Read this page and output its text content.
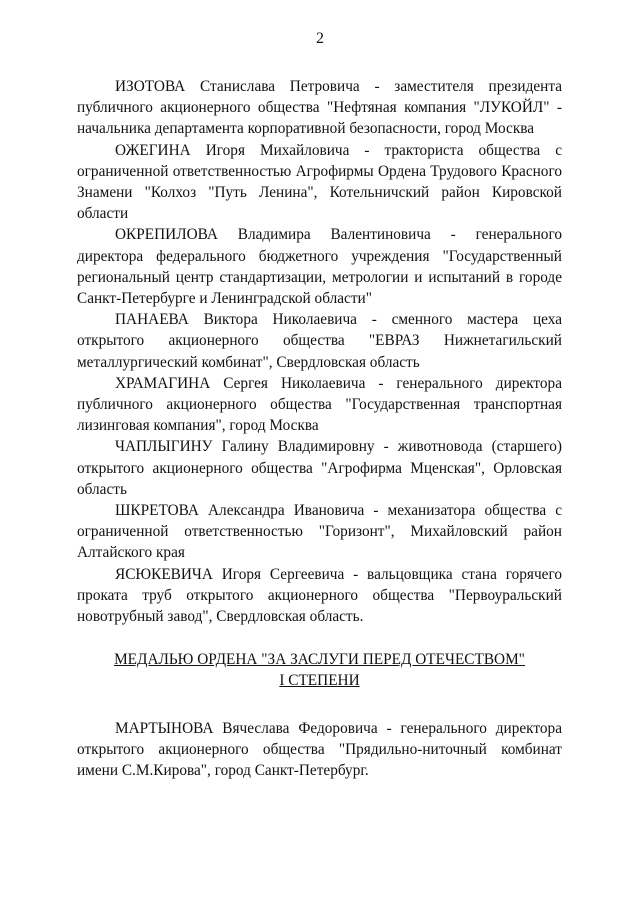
2

ИЗОТОВА Станислава Петровича - заместителя президента публичного акционерного общества "Нефтяная компания "ЛУКОЙЛ" - начальника департамента корпоративной безопасности, город Москва

ОЖЕГИНА Игоря Михайловича - тракториста общества с ограниченной ответственностью Агрофирмы Ордена Трудового Красного Знамени "Колхоз "Путь Ленина", Котельничский район Кировской области

ОКРЕПИЛОВА Владимира Валентиновича - генерального директора федерального бюджетного учреждения "Государственный региональный центр стандартизации, метрологии и испытаний в городе Санкт-Петербурге и Ленинградской области"

ПАНАЕВА Виктора Николаевича - сменного мастера цеха открытого акционерного общества "ЕВРАЗ Нижнетагильский металлургический комбинат", Свердловская область

ХРАМАГИНА Сергея Николаевича - генерального директора публичного акционерного общества "Государственная транспортная лизинговая компания", город Москва

ЧАПЛЫГИНУ Галину Владимировну - животновода (старшего) открытого акционерного общества "Агрофирма Мценская", Орловская область

ШКРЕТОВА Александра Ивановича - механизатора общества с ограниченной ответственностью "Горизонт", Михайловский район Алтайского края

ЯСЮКЕВИЧА Игоря Сергеевича - вальцовщика стана горячего проката труб открытого акционерного общества "Первоуральский новотрубный завод", Свердловская область.

МЕДАЛЬЮ ОРДЕНА "ЗА ЗАСЛУГИ ПЕРЕД ОТЕЧЕСТВОМ"
I СТЕПЕНИ

МАРТЫНОВА Вячеслава Федоровича - генерального директора открытого акционерного общества "Прядильно-ниточный комбинат имени С.М.Кирова", город Санкт-Петербург.
